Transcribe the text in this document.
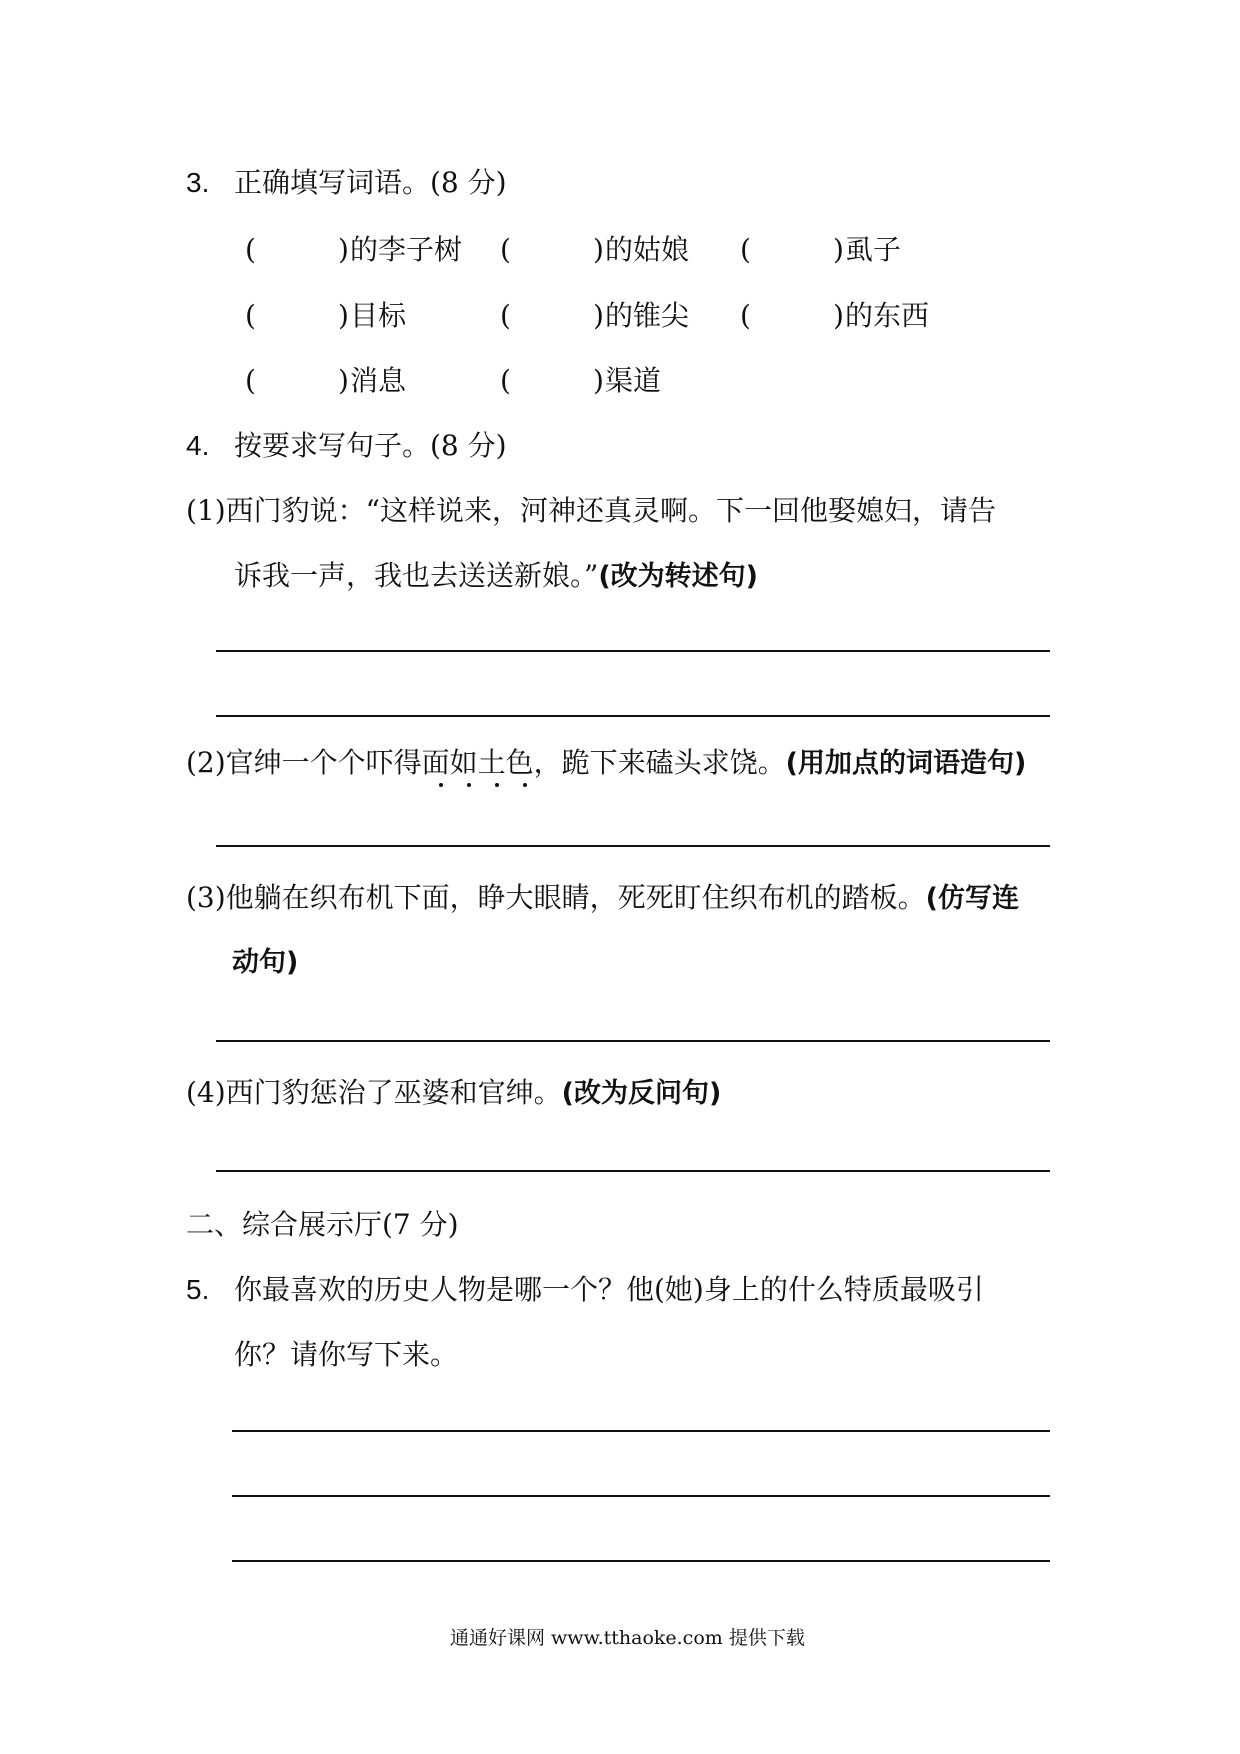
3. 正确填写词语。(8 分)
(	) 的李子树 (	) 的姑娘 (	) 虱子
(	) 目标	(	) 的锥尖 (	) 的东西
(	) 消息	(	) 渠道
4. 按要求写句子。(8 分)
(1)西门豹说：“这样说来，河神还真灵啊。下一回他娶媳妇，请告
诉我一声，我也去送送新娘。”(改为转述句)
(2)官绅一个个吓得面如土色，跪下来磕头求饶。(用加点的词语造句)
(3)他躺在织布机下面，睁大眼睛，死死盯住织布机的踏板。(仿写连
动句)
(4)西门豹惩治了巫婆和官绅。(改为反问句)
二、综合展示厅(7 分)
5. 你最喜欢的历史人物是哪一个？他(她)身上的什么特质最吸引
你？请你写下来。
通通好课网 www.tthaoke.com 提供下载
